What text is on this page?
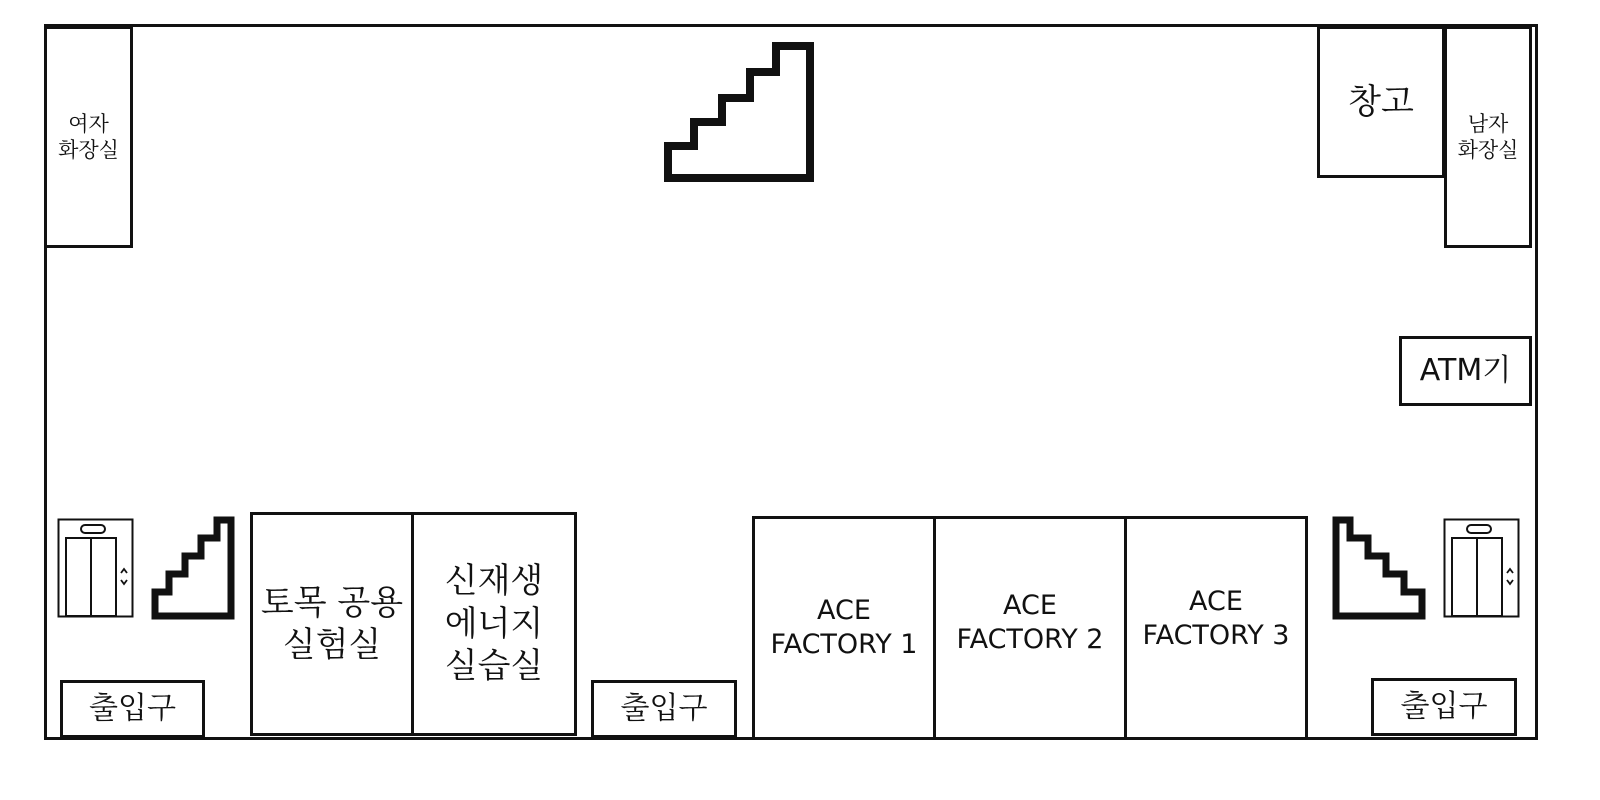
여자
화장실
창고
남자
화장실
ATM기
토목 공용
실험실
신재생
에너지
실습실
ACE
FACTORY 1
ACE
FACTORY 2
ACE
FACTORY 3
출입구	출입구	출입구
